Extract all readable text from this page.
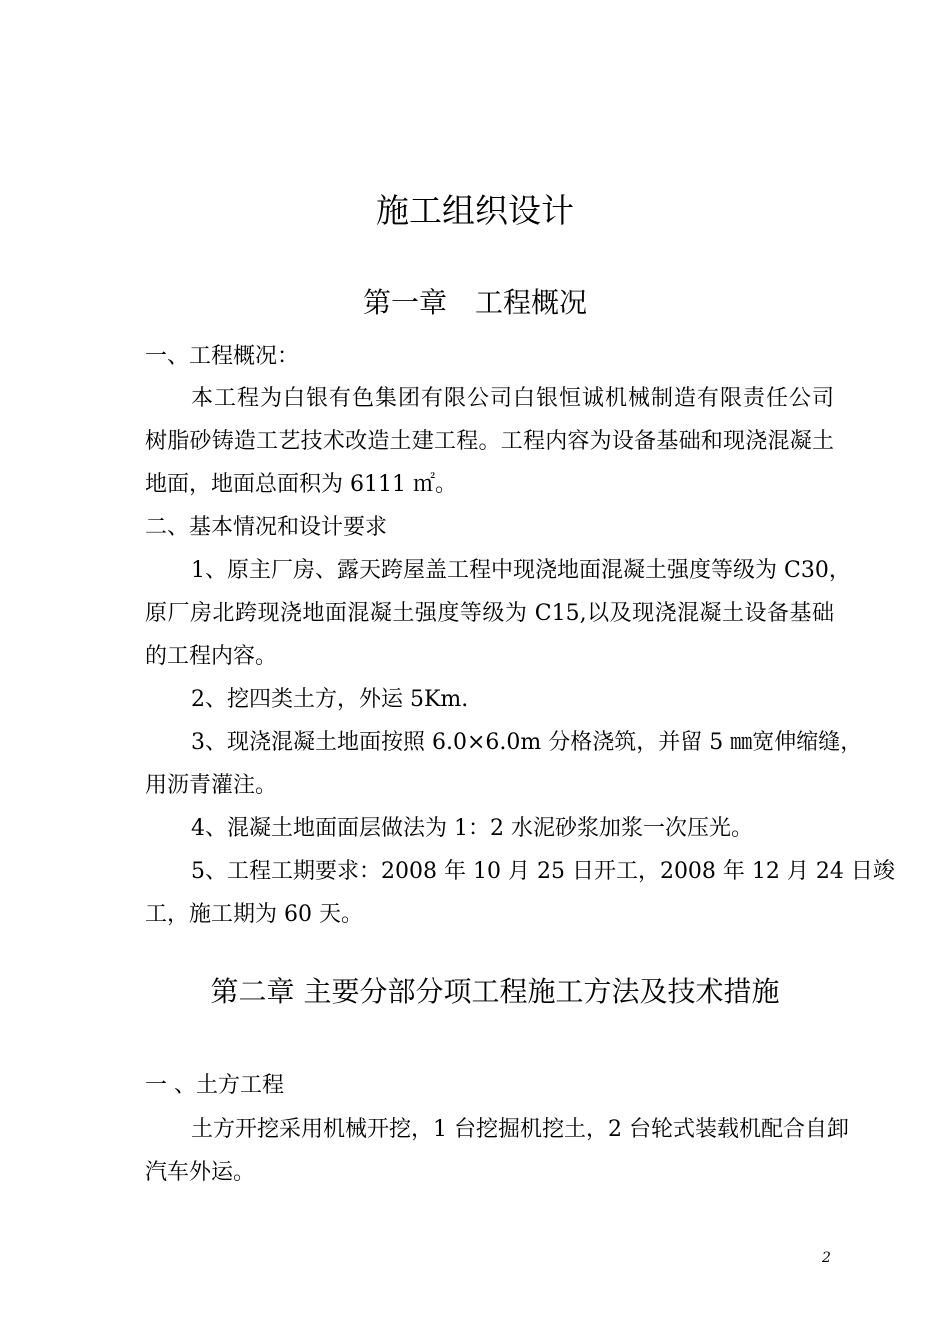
施工组织设计
第一章　工程概况
一、工程概况：
本工程为白银有色集团有限公司白银恒诚机械制造有限责任公司
树脂砂铸造工艺技术改造土建工程。工程内容为设备基础和现浇混凝土
地面，地面总面积为 6111 ㎡。
二、基本情况和设计要求
1、原主厂房、露天跨屋盖工程中现浇地面混凝土强度等级为 C30，
原厂房北跨现浇地面混凝土强度等级为 C15,以及现浇混凝土设备基础
的工程内容。
2、挖四类土方，外运 5Km.
3、现浇混凝土地面按照 6.0×6.0m 分格浇筑，并留 5 ㎜宽伸缩缝，
用沥青灌注。
4、混凝土地面面层做法为 1：2 水泥砂浆加浆一次压光。
5、工程工期要求：2008 年 10 月 25 日开工，2008 年 12 月 24 日竣
工，施工期为 60 天。
第二章 主要分部分项工程施工方法及技术措施
一 、土方工程
土方开挖采用机械开挖，1 台挖掘机挖土，2 台轮式装载机配合自卸
汽车外运。
2
